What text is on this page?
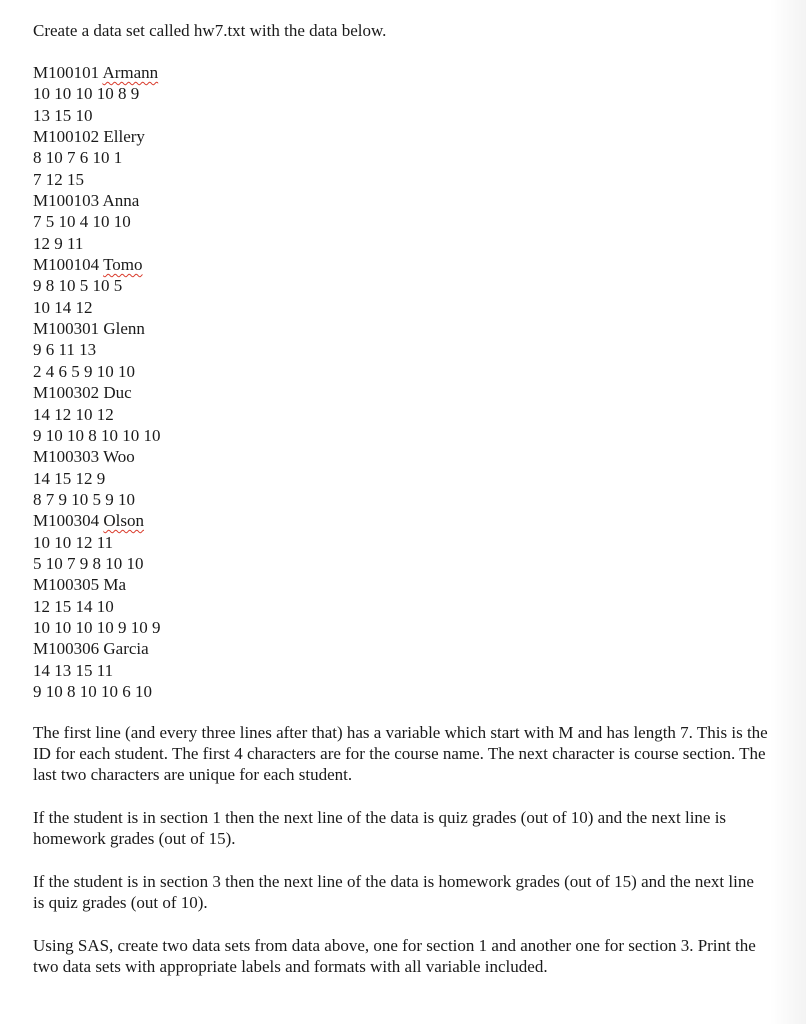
Create a data set called hw7.txt with the data below.
M100101 Armann
10 10 10 10 8 9
13 15 10
M100102 Ellery
8 10 7 6 10 1
7 12 15
M100103 Anna
7 5 10 4 10 10
12 9 11
M100104 Tomo
9 8 10 5 10 5
10 14 12
M100301 Glenn
9 6 11 13
2 4 6 5 9 10 10
M100302 Duc
14 12 10 12
9 10 10 8 10 10 10
M100303 Woo
14 15 12 9
8 7 9 10 5 9 10
M100304 Olson
10 10 12 11
5 10 7 9 8 10 10
M100305 Ma
12 15 14 10
10 10 10 10 9 10 9
M100306 Garcia
14 13 15 11
9 10 8 10 10 6 10
The first line (and every three lines after that) has a variable which start with M and has length 7. This is the ID for each student. The first 4 characters are for the course name. The next character is course section. The last two characters are unique for each student.
If the student is in section 1 then the next line of the data is quiz grades (out of 10) and the next line is homework grades (out of 15).
If the student is in section 3 then the next line of the data is homework grades (out of 15) and the next line is quiz grades (out of 10).
Using SAS, create two data sets from data above, one for section 1 and another one for section 3. Print the two data sets with appropriate labels and formats with all variable included.
